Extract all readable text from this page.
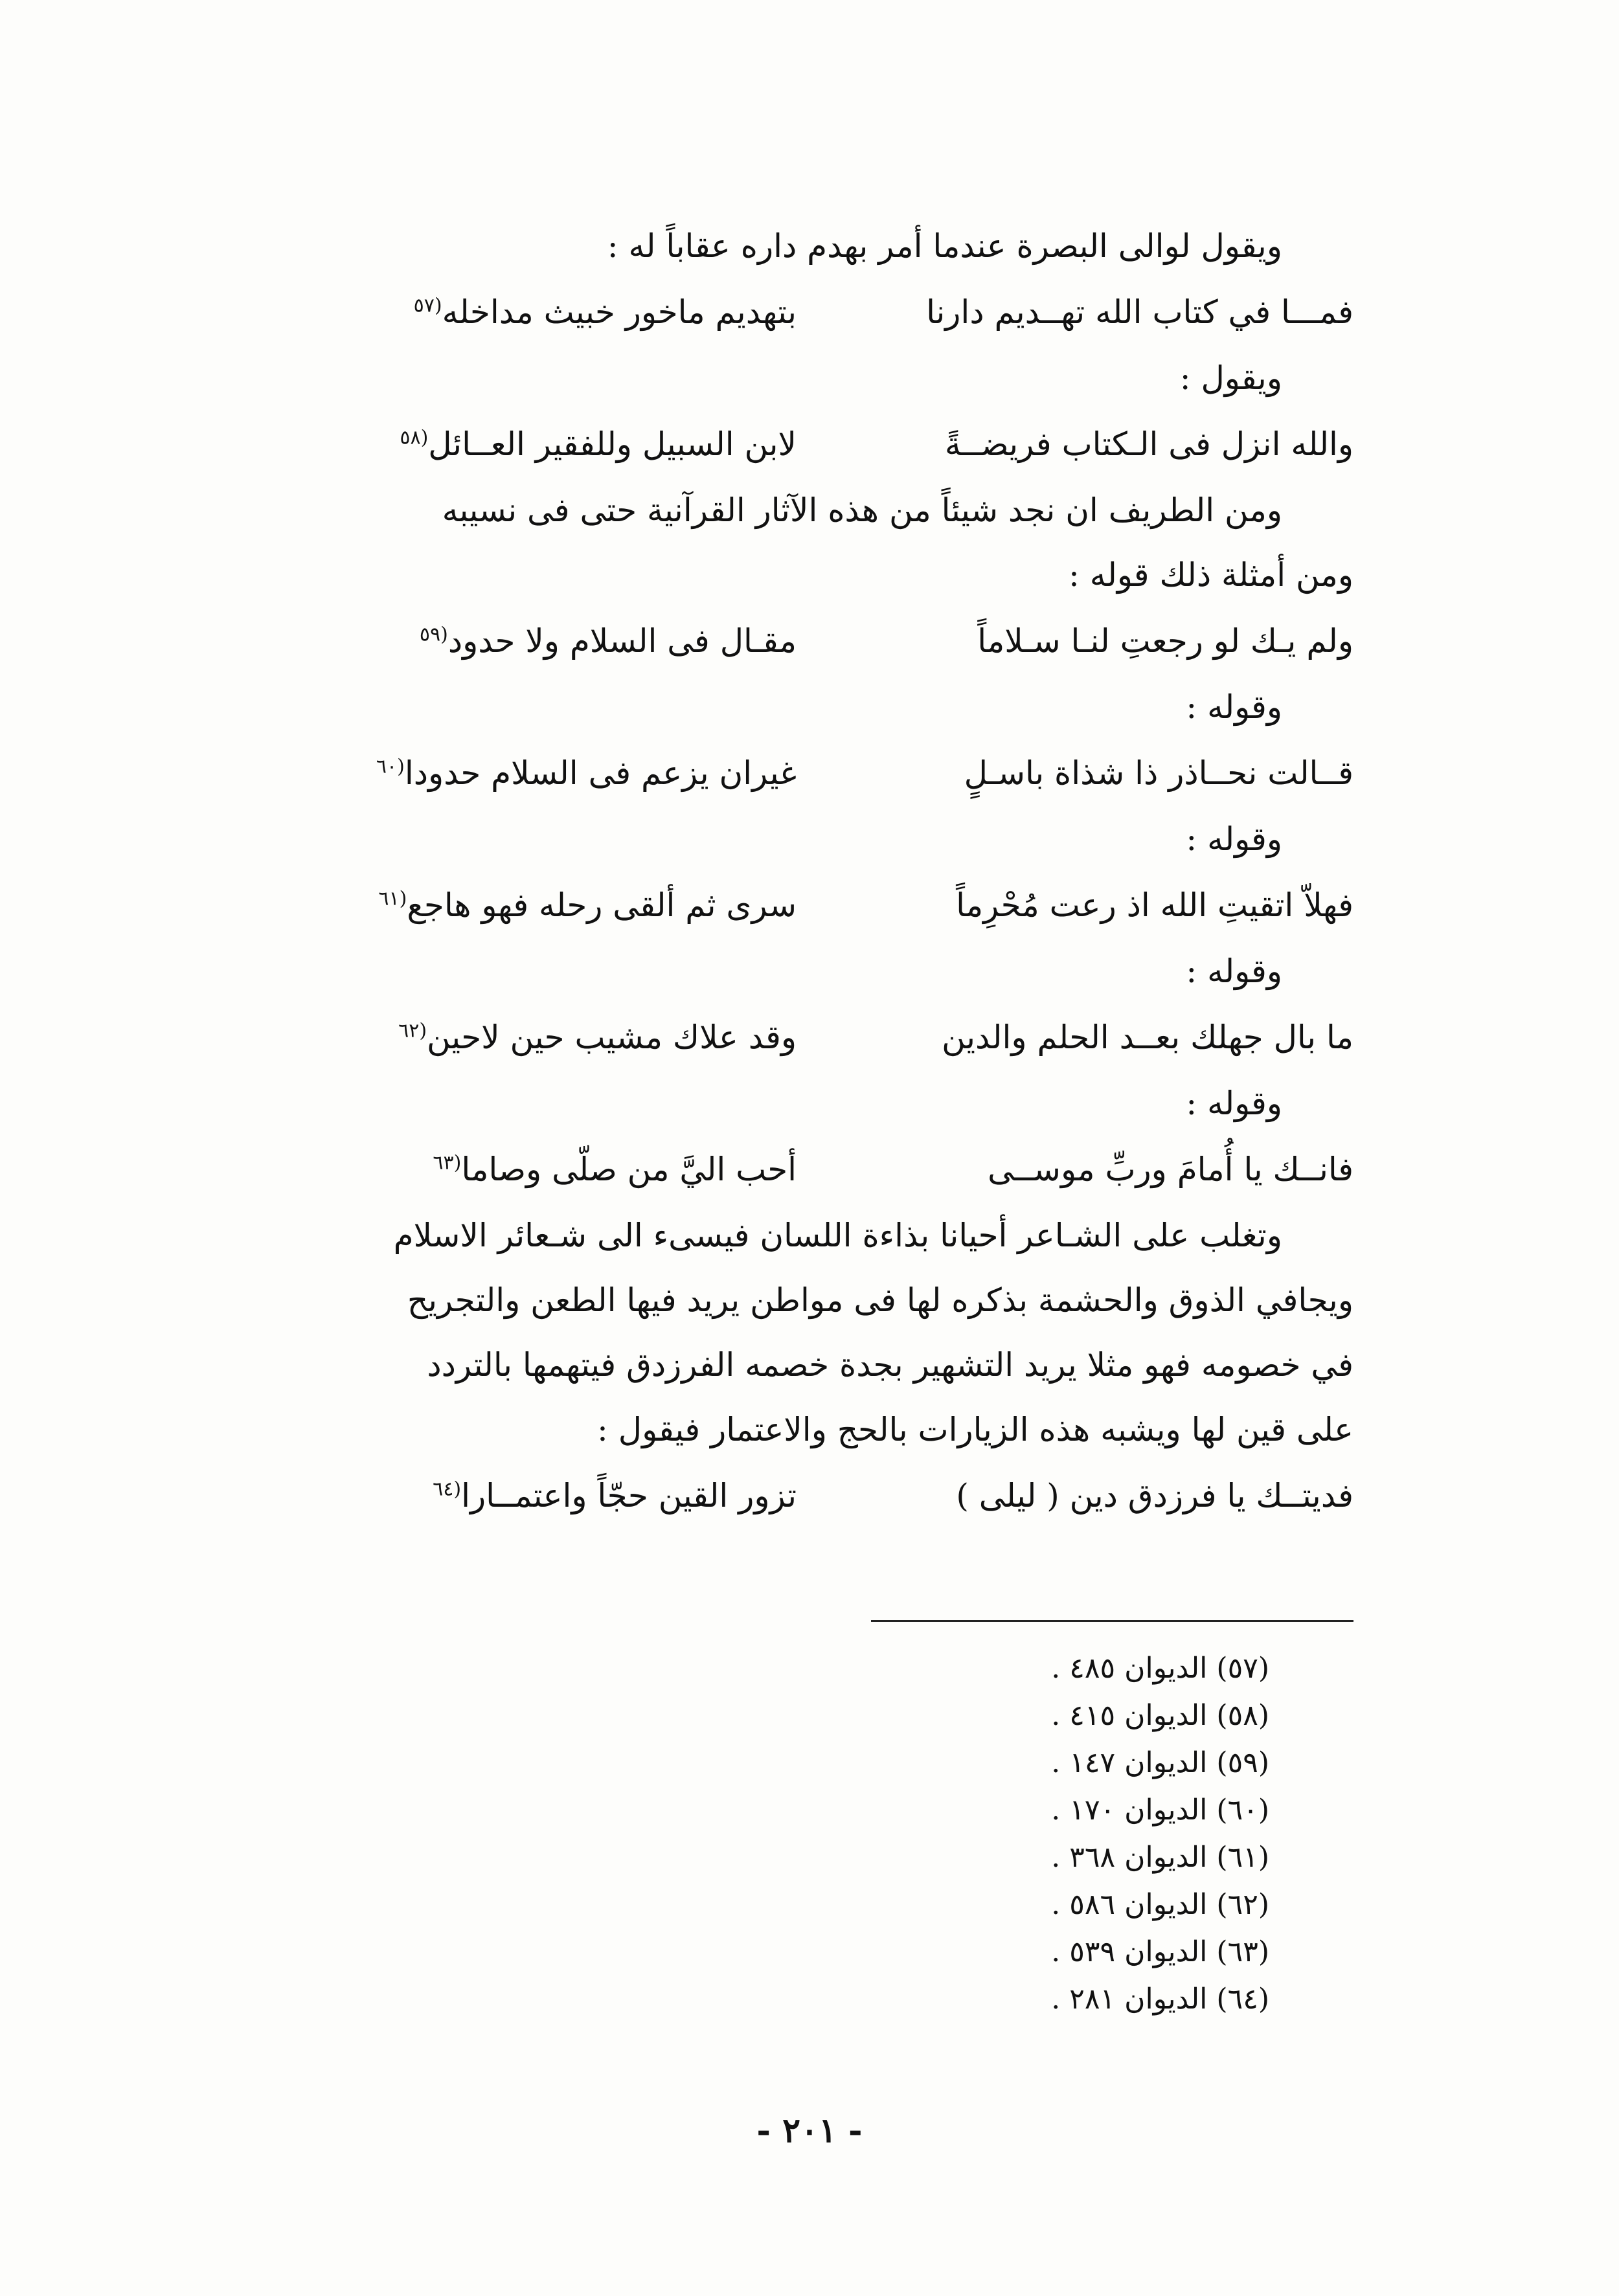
ويقول لوالى البصرة عندما أمر بهدم داره عقاباً له :
فمـــا في كتاب الله تهــديم دارنا
بتهديم ماخور خبيث مداخله$^{(٥٧}$
ويقول :
والله انزل فى الـكتاب فريضــةً
لابن السبيل وللفقير العــائل$^{(٥٨}$
ومن الطريف ان نجد شيئاً من هذه الآثار القرآنية حتى فى نسيبه
ومن أمثلة ذلك قوله :
ولم يـك لو رجعتِ لنـا سـلاماً
مقـال فى السلام ولا حدود$^{(٥٩}$
وقوله :
قــالت نحــاذر ذا شذاة باسـلٍ
غيران يزعم فى السلام حدودا$^{(٦٠}$
وقوله :
فهلاّ اتقيتِ الله اذ رعت مُحْرِماً
سرى ثم ألقى رحله فهو هاجع$^{(٦١}$
وقوله :
ما بال جهلك بعــد الحلم والدين
وقد علاك مشيب حين لاحين$^{(٦٢}$
وقوله :
فانــك يا أُمامَ وربِّ موســى
أحب اليَّ من صلّى وصاما$^{(٦٣}$
وتغلب على الشـاعر أحيانا بذاءة اللسان فيسىء الى شـعائر الاسلام
ويجافي الذوق والحشمة بذكره لها فى مواطن يريد فيها الطعن والتجريح
في خصومه فهو مثلا يريد التشهير بجدة خصمه الفرزدق فيتهمها بالتردد
على قين لها ويشبه هذه الزيارات بالحج والاعتمار فيقول :
فديتــك يا فرزدق دين ( ليلى )
تزور القين حجّاً واعتمــارا$^{(٦٤}$
(٥٧) الديوان ٤٨٥ .
(٥٨) الديوان ٤١٥ .
(٥٩) الديوان ١٤٧ .
(٦٠) الديوان ١٧٠ .
(٦١) الديوان ٣٦٨ .
(٦٢) الديوان ٥٨٦ .
(٦٣) الديوان ٥٣٩ .
(٦٤) الديوان ٢٨١ .
- ٢٠١ -
